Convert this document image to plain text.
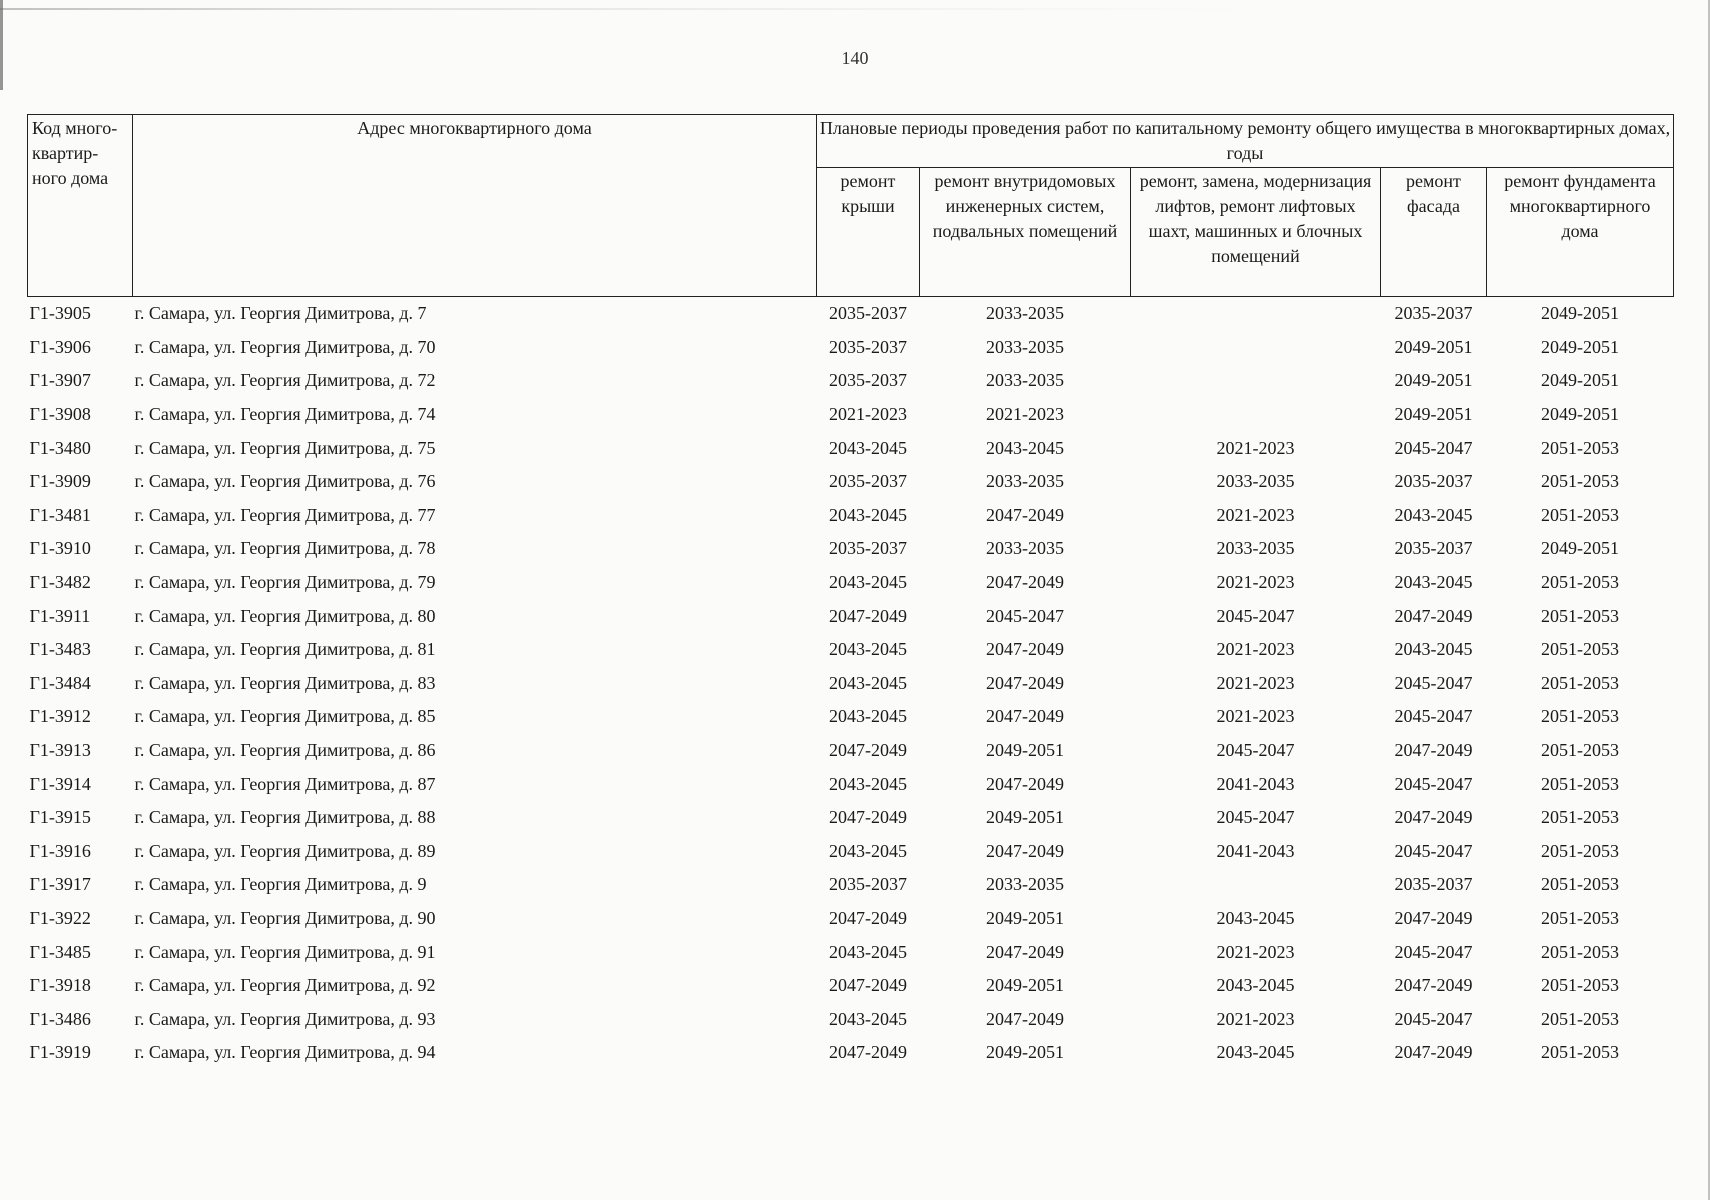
140
Код много-квартир-ного дома	Адрес многоквартирного дома	Плановые периоды проведения работ по капитальному ремонту общего имущества в многоквартирных домах, годы				
		ремонт крыши	ремонт внутридомовых инженерных систем, подвальных помещений	ремонт, замена, модернизация лифтов, ремонт лифтовых шахт, машинных и блочных помещений	ремонт фасада	ремонт фундамента многоквартирного дома
Г1-3905	г. Самара, ул. Георгия Димитрова, д. 7	2035-2037	2033-2035		2035-2037	2049-2051
Г1-3906	г. Самара, ул. Георгия Димитрова, д. 70	2035-2037	2033-2035		2049-2051	2049-2051
Г1-3907	г. Самара, ул. Георгия Димитрова, д. 72	2035-2037	2033-2035		2049-2051	2049-2051
Г1-3908	г. Самара, ул. Георгия Димитрова, д. 74	2021-2023	2021-2023		2049-2051	2049-2051
Г1-3480	г. Самара, ул. Георгия Димитрова, д. 75	2043-2045	2043-2045	2021-2023	2045-2047	2051-2053
Г1-3909	г. Самара, ул. Георгия Димитрова, д. 76	2035-2037	2033-2035	2033-2035	2035-2037	2051-2053
Г1-3481	г. Самара, ул. Георгия Димитрова, д. 77	2043-2045	2047-2049	2021-2023	2043-2045	2051-2053
Г1-3910	г. Самара, ул. Георгия Димитрова, д. 78	2035-2037	2033-2035	2033-2035	2035-2037	2049-2051
Г1-3482	г. Самара, ул. Георгия Димитрова, д. 79	2043-2045	2047-2049	2021-2023	2043-2045	2051-2053
Г1-3911	г. Самара, ул. Георгия Димитрова, д. 80	2047-2049	2045-2047	2045-2047	2047-2049	2051-2053
Г1-3483	г. Самара, ул. Георгия Димитрова, д. 81	2043-2045	2047-2049	2021-2023	2043-2045	2051-2053
Г1-3484	г. Самара, ул. Георгия Димитрова, д. 83	2043-2045	2047-2049	2021-2023	2045-2047	2051-2053
Г1-3912	г. Самара, ул. Георгия Димитрова, д. 85	2043-2045	2047-2049	2021-2023	2045-2047	2051-2053
Г1-3913	г. Самара, ул. Георгия Димитрова, д. 86	2047-2049	2049-2051	2045-2047	2047-2049	2051-2053
Г1-3914	г. Самара, ул. Георгия Димитрова, д. 87	2043-2045	2047-2049	2041-2043	2045-2047	2051-2053
Г1-3915	г. Самара, ул. Георгия Димитрова, д. 88	2047-2049	2049-2051	2045-2047	2047-2049	2051-2053
Г1-3916	г. Самара, ул. Георгия Димитрова, д. 89	2043-2045	2047-2049	2041-2043	2045-2047	2051-2053
Г1-3917	г. Самара, ул. Георгия Димитрова, д. 9	2035-2037	2033-2035		2035-2037	2051-2053
Г1-3922	г. Самара, ул. Георгия Димитрова, д. 90	2047-2049	2049-2051	2043-2045	2047-2049	2051-2053
Г1-3485	г. Самара, ул. Георгия Димитрова, д. 91	2043-2045	2047-2049	2021-2023	2045-2047	2051-2053
Г1-3918	г. Самара, ул. Георгия Димитрова, д. 92	2047-2049	2049-2051	2043-2045	2047-2049	2051-2053
Г1-3486	г. Самара, ул. Георгия Димитрова, д. 93	2043-2045	2047-2049	2021-2023	2045-2047	2051-2053
Г1-3919	г. Самара, ул. Георгия Димитрова, д. 94	2047-2049	2049-2051	2043-2045	2047-2049	2051-2053
